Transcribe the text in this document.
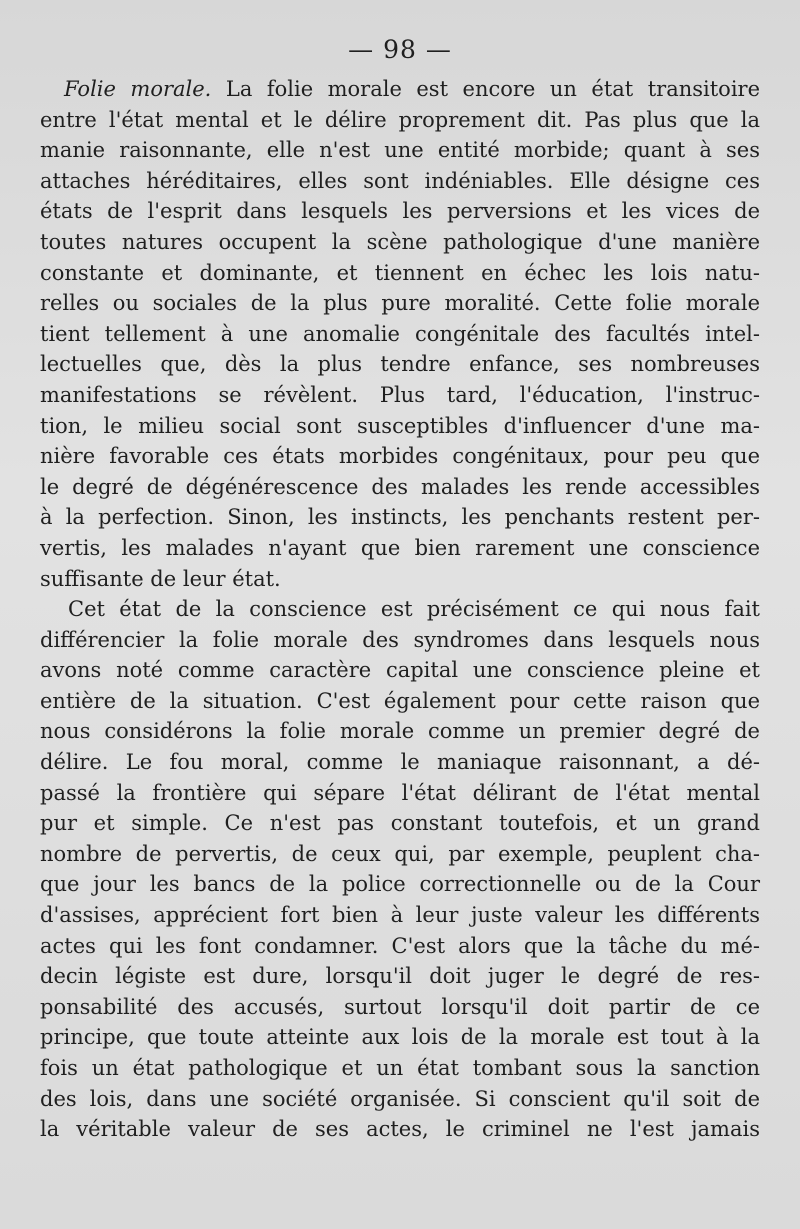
— 98 —
Folie morale. La folie morale est encore un état transitoire
entre l'état mental et le délire proprement dit. Pas plus que la
manie raisonnante, elle n'est une entité morbide; quant à ses
attaches héréditaires, elles sont indéniables. Elle désigne ces
états de l'esprit dans lesquels les perversions et les vices de
toutes natures occupent la scène pathologique d'une manière
constante et dominante, et tiennent en échec les lois natu-
relles ou sociales de la plus pure moralité. Cette folie morale
tient tellement à une anomalie congénitale des facultés intel-
lectuelles que, dès la plus tendre enfance, ses nombreuses
manifestations se révèlent. Plus tard, l'éducation, l'instruc-
tion, le milieu social sont susceptibles d'influencer d'une ma-
nière favorable ces états morbides congénitaux, pour peu que
le degré de dégénérescence des malades les rende accessibles
à la perfection. Sinon, les instincts, les penchants restent per-
vertis, les malades n'ayant que bien rarement une conscience
suffisante de leur état.
Cet état de la conscience est précisément ce qui nous fait
différencier la folie morale des syndromes dans lesquels nous
avons noté comme caractère capital une conscience pleine et
entière de la situation. C'est également pour cette raison que
nous considérons la folie morale comme un premier degré de
délire. Le fou moral, comme le maniaque raisonnant, a dé-
passé la frontière qui sépare l'état délirant de l'état mental
pur et simple. Ce n'est pas constant toutefois, et un grand
nombre de pervertis, de ceux qui, par exemple, peuplent cha-
que jour les bancs de la police correctionnelle ou de la Cour
d'assises, apprécient fort bien à leur juste valeur les différents
actes qui les font condamner. C'est alors que la tâche du mé-
decin légiste est dure, lorsqu'il doit juger le degré de res-
ponsabilité des accusés, surtout lorsqu'il doit partir de ce
principe, que toute atteinte aux lois de la morale est tout à la
fois un état pathologique et un état tombant sous la sanction
des lois, dans une société organisée. Si conscient qu'il soit de
la véritable valeur de ses actes, le criminel ne l'est jamais
